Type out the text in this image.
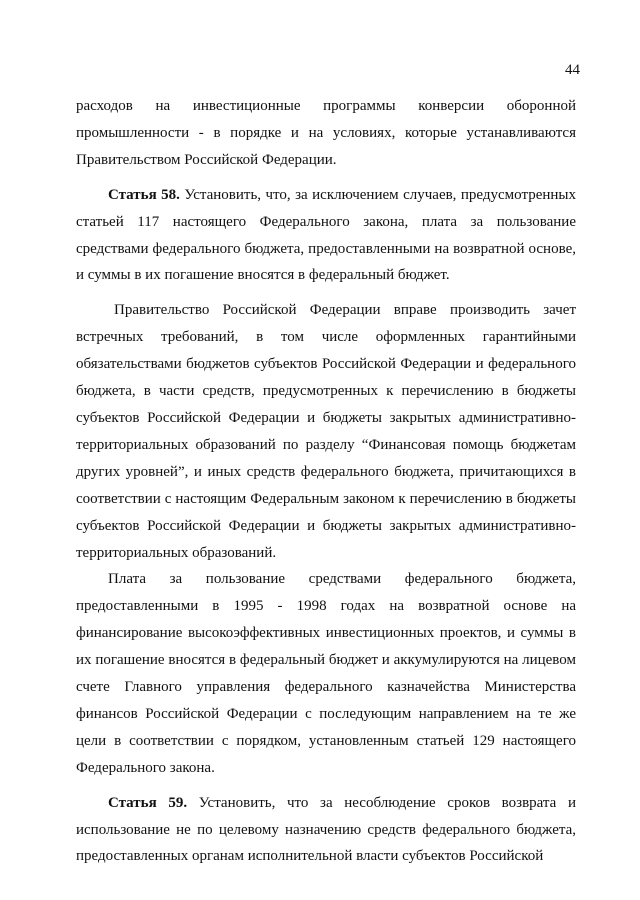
44

расходов на инвестиционные программы конверсии оборонной промышленности - в порядке и на условиях, которые устанавливаются Правительством Российской Федерации.

Статья 58. Установить, что, за исключением случаев, предусмотренных статьей 117 настоящего Федерального закона, плата за пользование средствами федерального бюджета, предоставленными на возвратной основе, и суммы в их погашение вносятся в федеральный бюджет.

Правительство Российской Федерации вправе производить зачет встречных требований, в том числе оформленных гарантийными обязательствами бюджетов субъектов Российской Федерации и федерального бюджета, в части средств, предусмотренных к перечислению в бюджеты субъектов Российской Федерации и бюджеты закрытых административно-территориальных образований по разделу “Финансовая помощь бюджетам других уровней”, и иных средств федерального бюджета, причитающихся в соответствии с настоящим Федеральным законом к перечислению в бюджеты субъектов Российской Федерации и бюджеты закрытых административно-территориальных образований.

Плата за пользование средствами федерального бюджета, предоставленными в 1995 - 1998 годах на возвратной основе на финансирование высокоэффективных инвестиционных проектов, и суммы в их погашение вносятся в федеральный бюджет и аккумулируются на лицевом счете Главного управления федерального казначейства Министерства финансов Российской Федерации с последующим направлением на те же цели в соответствии с порядком, установленным статьей 129 настоящего Федерального закона.

Статья 59. Установить, что за несоблюдение сроков возврата и использование не по целевому назначению средств федерального бюджета, предоставленных органам исполнительной власти субъектов Российской
